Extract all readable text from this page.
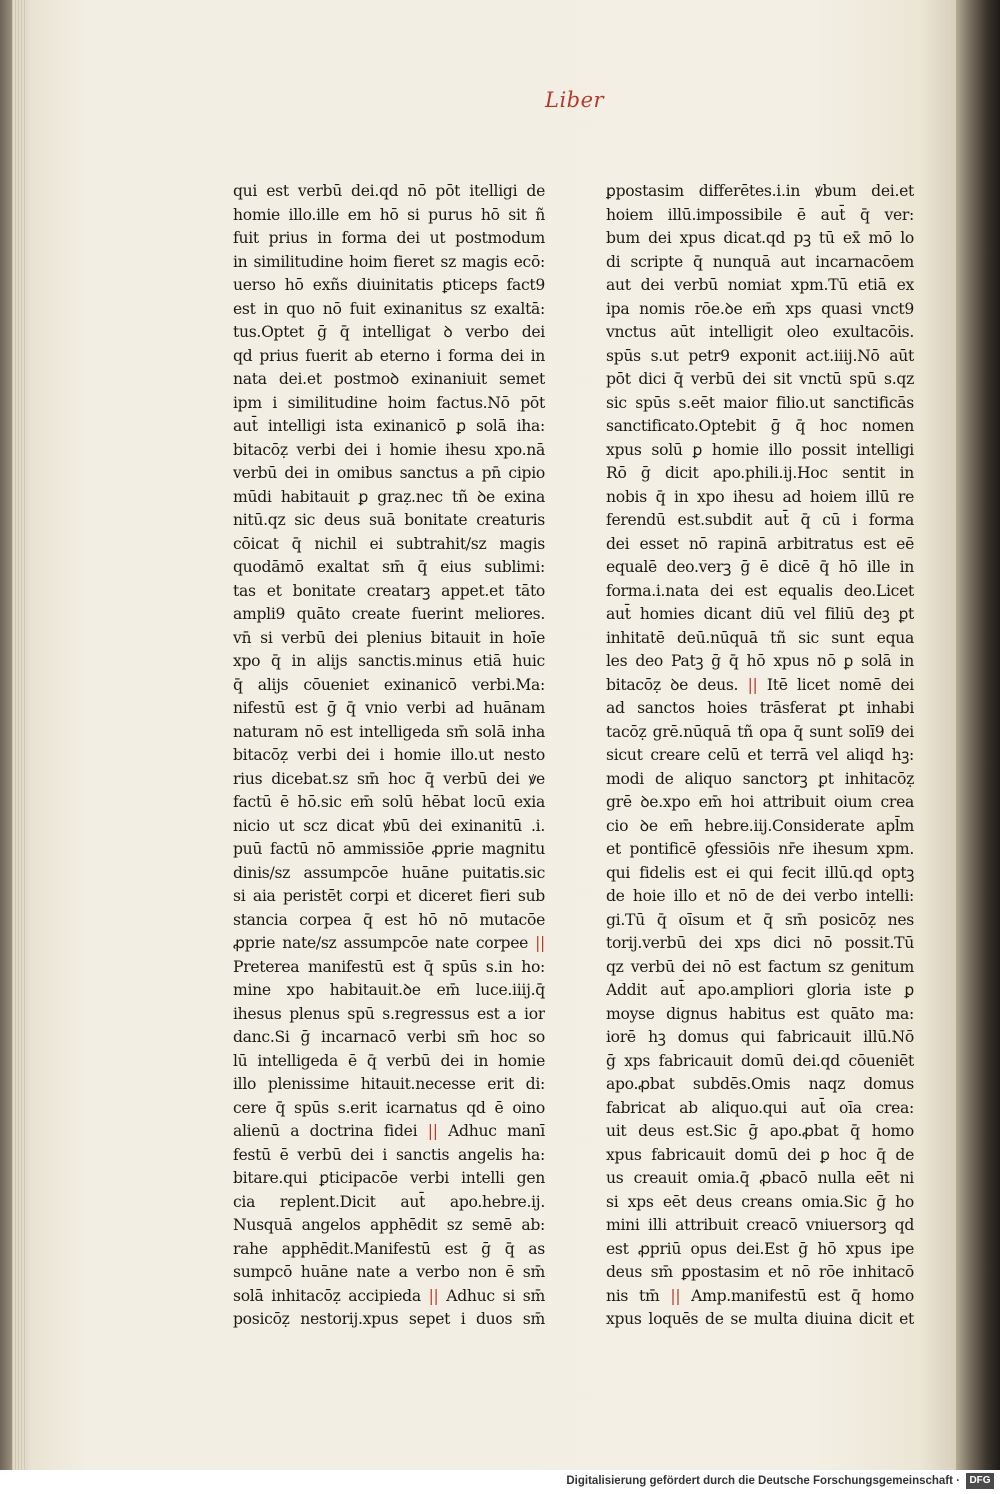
Liber
qui est verbū dei.qd nō pōt itelligi de
homie illo.ille em hō si purus hō sit ñ
fuit prius in forma dei ut postmodum
in similitudine hoim fieret sz magis ecō:
uerso hō exñs diuinitatis ꝑticeps fact9
est in quo nō fuit exinanitus sz exaltā:
tus.Optet ḡ q̄ intelligat ꝺ verbo dei
qd prius fuerit ab eterno i forma dei in
nata dei.et postmoꝺ exinaniuit semet
ipm i similitudine hoim factus.Nō pōt
aut̄ intelligi ista exinanicō ꝑ solā iha:
bitacōẓ verbi dei i homie ihesu xpo.nā
verbū dei in omibus sanctus a pn̄ cipio
mūdi habitauit ꝑ graẓ.nec tñ ꝺe exina
nitū.qz sic deus suā bonitate creaturis
cōicat q̄ nichil ei subtrahit/sz magis
quodāmō exaltat sm̄ q̄ eius sublimi:
tas et bonitate creatarꝫ appet.et tāto
ampli9 quāto create fuerint meliores.
vn̄ si verbū dei plenius bitauit in hoīe
xpo q̄ in alijs sanctis.minus etiā huic
q̄ alijs cōueniet exinanicō verbi.Ma:
nifestū est ḡ q̄ vnio verbi ad huānam
naturam nō est intelligeda sm̄ solā inha
bitacōẓ verbi dei i homie illo.ut nesto
rius dicebat.sz sm̄ hoc q̄ verbū dei ꝟe
factū ē hō.sic em̄ solū hēbat locū exia
nicio ut scz dicat ꝟbū dei exinanitū .i.
puū factū nō ammissiōe ꝓprie magnitu
dinis/sz assumpcōe huāne puitatis.sic
si aia peristēt corpi et diceret fieri sub
stancia corpea q̄ est hō nō mutacōe
ꝓprie nate/sz assumpcōe nate corpee ||
Preterea manifestū est q̄ spūs s.in ho:
mine xpo habitauit.ꝺe em̄ luce.iiij.q̄
ihesus plenus spū s.regressus est a ior
danc.Si ḡ incarnacō verbi sm̄ hoc so
lū intelligeda ē q̄ verbū dei in homie
illo plenissime hitauit.necesse erit di:
cere q̄ spūs s.erit icarnatus qd ē oino
alienū a doctrina fidei || Adhuc manī
festū ē verbū dei i sanctis angelis ha:
bitare.qui ꝑticipacōe verbi intelli gen
cia replent.Dicit aut̄ apo.hebre.ij.
Nusquā angelos apphēdit sz semē ab:
rahe apphēdit.Manifestū est ḡ q̄ as
sumpcō huāne nate a verbo non ē sm̄
solā inhitacōẓ accipieda || Adhuc si sm̄
posicōẓ nestorij.xpus sepet i duos sm̄
ꝑpostasim differētes.i.in ꝟbum dei.et
hoiem illū.impossibile ē aut̄ q̄ ver:
bum dei xpus dicat.qd pꝫ tū ex̄ mō lo
di scripte q̄ nunquā aut incarnacōem
aut dei verbū nomiat xpm.Tū etiā ex
ipa nomis rōe.ꝺe em̄ xps quasi vnct9
vnctus aūt intelligit oleo exultacōis.
spūs s.ut petr9 exponit act.iiij.Nō aūt
pōt dici q̄ verbū dei sit vnctū spū s.qz
sic spūs s.eēt maior filio.ut sanctificās
sanctificato.Optebit ḡ q̄ hoc nomen
xpus solū ꝑ homie illo possit intelligi
Rō ḡ dicit apo.phili.ij.Hoc sentit in
nobis q̄ in xpo ihesu ad hoiem illū re
ferendū est.subdit aut̄ q̄ cū i forma
dei esset nō rapinā arbitratus est eē
equalē deo.verꝫ ḡ ē dicē q̄ hō ille in
forma.i.nata dei est equalis deo.Licet
aut̄ homies dicant diū vel filiū deꝫ ꝑt
inhitatē deū.nūquā tñ sic sunt equa
les deo Patꝫ ḡ q̄ hō xpus nō ꝑ solā in
bitacōẓ ꝺe deus. || Itē licet nomē dei
ad sanctos hoies trāsferat ꝑt inhabi
tacōẓ grē.nūquā tñ opa q̄ sunt solī9 dei
sicut creare celū et terrā vel aliqd hꝫ:
modi de aliquo sanctorꝫ ꝑt inhitacōẓ
grē ꝺe.xpo em̄ hoi attribuit oium crea
cio ꝺe em̄ hebre.iij.Considerate apl̄m
et pontificē ꝯfessiōis nr̄e ihesum xpm.
qui fidelis est ei qui fecit illū.qd optꝫ
de hoie illo et nō de dei verbo intelli:
gi.Tū q̄ oīsum et q̄ sm̄ posicōẓ nes
torij.verbū dei xps dici nō possit.Tū
qz verbū dei nō est factum sz genitum
Addit aut̄ apo.ampliori gloria iste ꝑ
moyse dignus habitus est quāto ma:
iorē hꝫ domus qui fabricauit illū.Nō
ḡ xps fabricauit domū dei.qd cōueniēt
apo.ꝓbat subdēs.Omis naqz domus
fabricat ab aliquo.qui aut̄ oīa crea:
uit deus est.Sic ḡ apo.ꝓbat q̄ homo
xpus fabricauit domū dei ꝑ hoc q̄ de
us creauit omia.q̄ ꝓbacō nulla eēt ni
si xps eēt deus creans omia.Sic ḡ ho
mini illi attribuit creacō vniuersorꝫ qd
est ꝓpriū opus dei.Est ḡ hō xpus ipe
deus sm̄ ꝑpostasim et nō rōe inhitacō
nis tm̄ || Amp.manifestū est q̄ homo
xpus loquēs de se multa diuina dicit et
Digitalisierung gefördert durch die Deutsche Forschungsgemeinschaft · DFG
